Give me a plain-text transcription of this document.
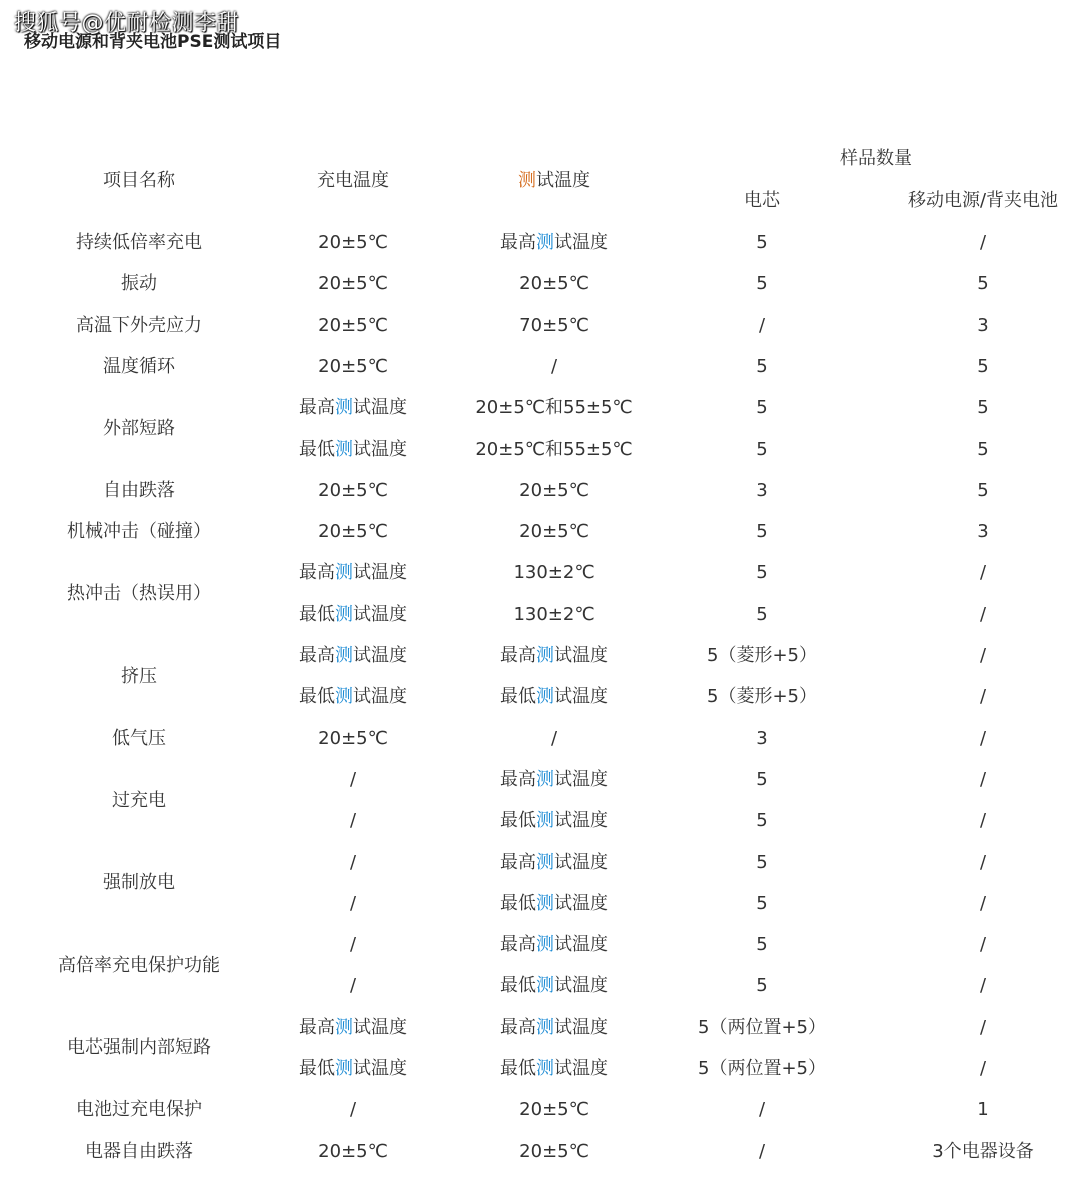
搜狐号@优耐检测李甜
移动电源和背夹电池PSE测试项目
项目名称	充电温度	测试温度
样品数量
电芯	移动电源/背夹电池
持续低倍率充电	20±5℃	最高测试温度	5	/
振动	20±5℃	20±5℃	5	5
高温下外壳应力	20±5℃	70±5℃	/	3
温度循环	20±5℃	/	5	5
外部短路
最高测试温度	20±5℃和55±5℃	5	5
最低测试温度	20±5℃和55±5℃	5	5
自由跌落	20±5℃	20±5℃	3	5
机械冲击（碰撞）	20±5℃	20±5℃	5	3
热冲击（热误用）
最高测试温度	130±2℃	5	/
最低测试温度	130±2℃	5	/
挤压
最高测试温度	最高测试温度	5（菱形+5）	/
最低测试温度	最低测试温度	5（菱形+5）	/
低气压	20±5℃	/	3	/
过充电
/	最高测试温度	5	/
/	最低测试温度	5	/
强制放电
/	最高测试温度	5	/
/	最低测试温度	5	/
高倍率充电保护功能
/	最高测试温度	5	/
/	最低测试温度	5	/
电芯强制内部短路
最高测试温度	最高测试温度	5（两位置+5）	/
最低测试温度	最低测试温度	5（两位置+5）	/
电池过充电保护	/	20±5℃	/	1
电器自由跌落	20±5℃	20±5℃	/	3个电器设备
